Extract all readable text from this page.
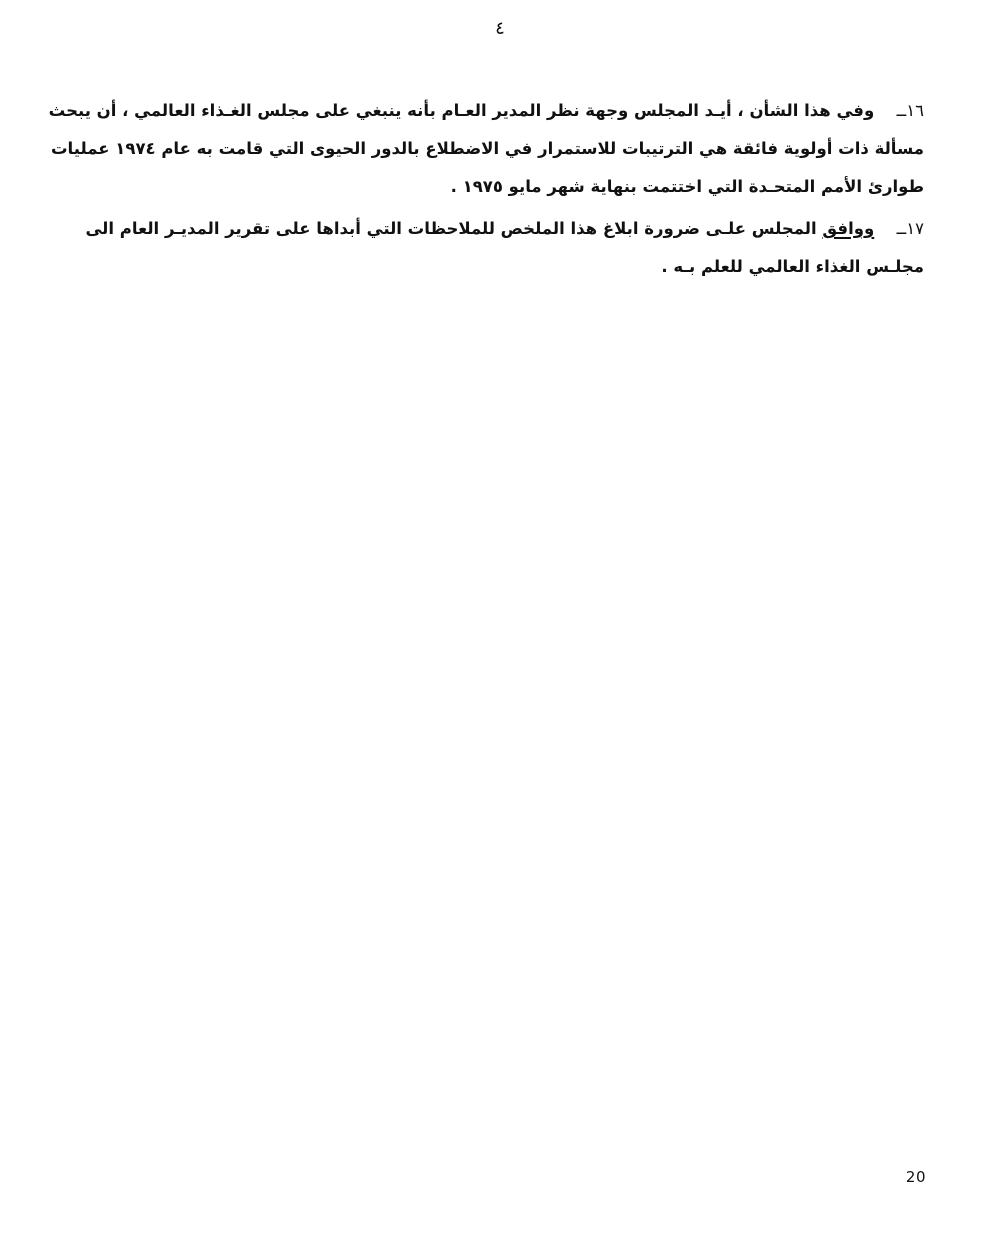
٤

١٦ــ وفي هذا الشأن ، أيـد المجلس وجهة نظر المدير العـام بأنه ينبغي على مجلس الغـذاء العالمي ، أن يبحث مسألة ذات أولوية فائقة هي الترتيبات للاستمرار في الاضطلاع بالدور الحيوى التي قامت به عام ١٩٧٤ عمليات طوارئ الأمم المتحـدة التي اختتمت بنهاية شهر مايو ١٩٧٥ .

١٧ــ ووافق المجلس علـى ضرورة ابلاغ هذا الملخص للملاحظات التي أبداها على تقرير المديـر العام الى مجلـس الغذاء العالمي للعلم بـه .

20
